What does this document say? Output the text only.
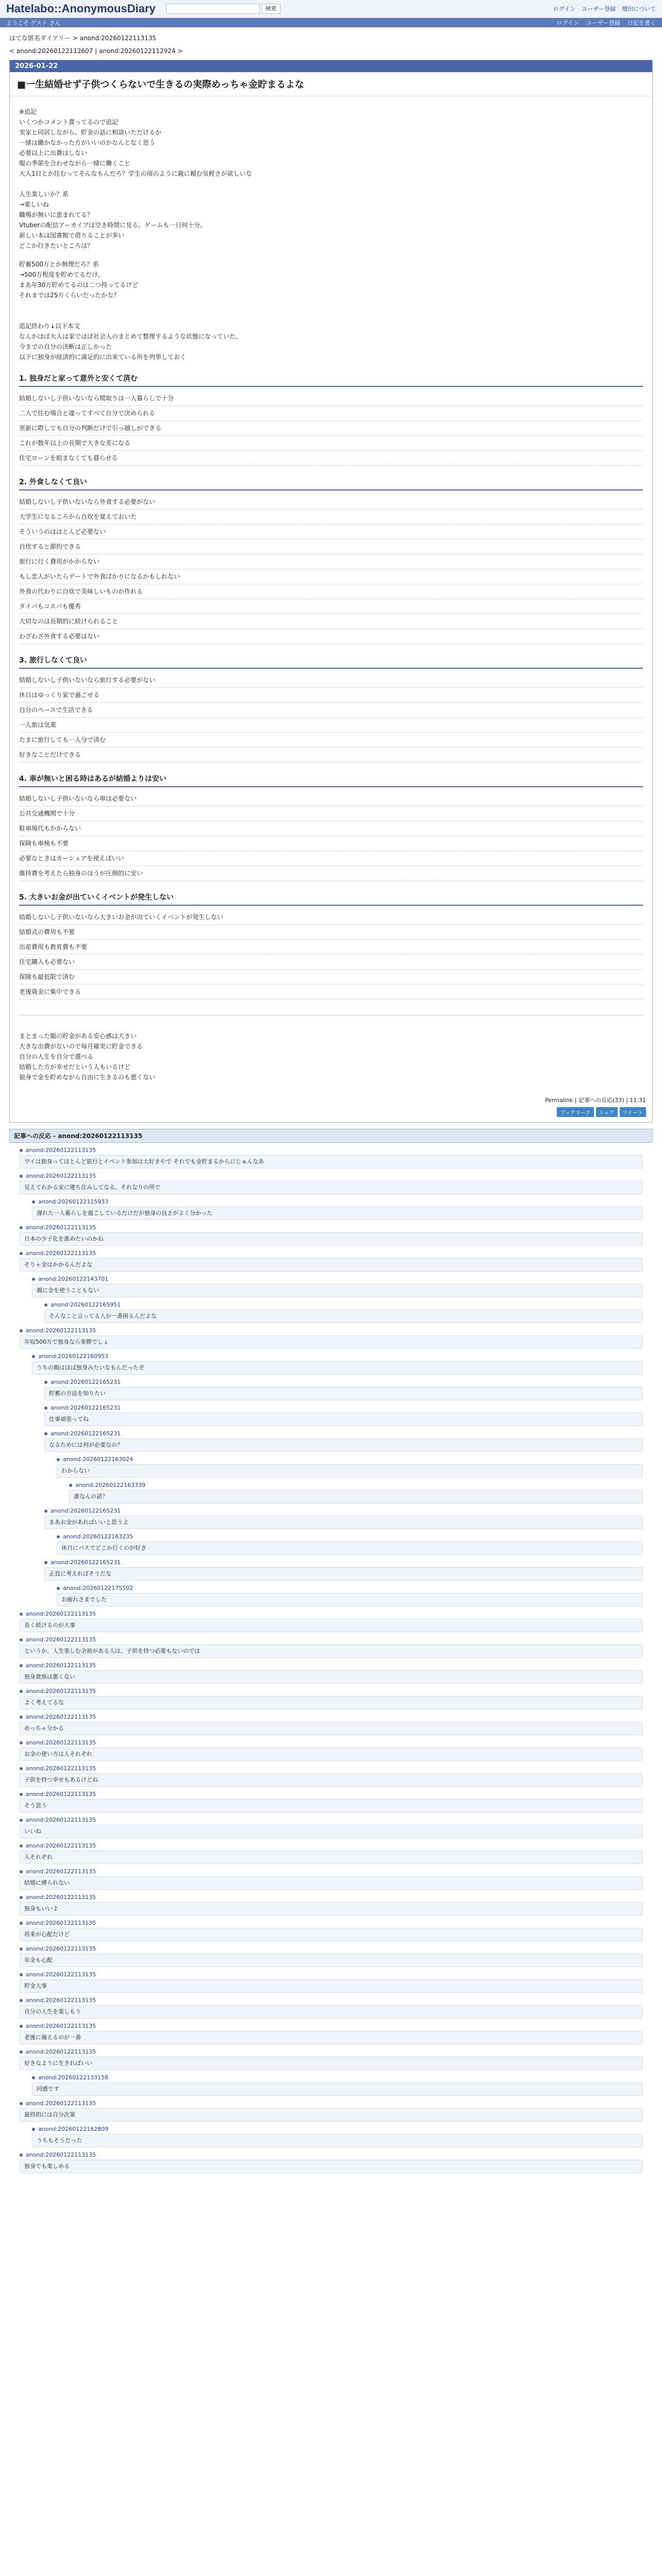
Hatelabo::AnonymousDiary	検索	ログイン ユーザー登録 増田について
ようこそ ゲスト さん	ログイン ユーザー登録 日記を書く
はてな匿名ダイアリー > anond:20260122113135
< anond:20260122112607 | anond:20260122112924 >
2026-01-22
■一生結婚せず子供つくらないで生きるの実際めっちゃ金貯まるよな
※追記
いくつかコメント貰ってるので追記
実家と同居しながら、貯金の話に相談いただけるか
一緒は働かなかった方がいいのかなんとなく思う
必要以上に出費はしない
服の季節を合わせながら一緒に働くこと
大人1日とか住むってそんなもんだろ？学生の頃のように親に頼む気軽さが欲しいな

人生楽しいか？系
→楽しいね
職場が無いに恵まれてる？
Vtuberの配信アーカイブは空き時間に見る。ゲームも一日何十分。
新しい本は図書館で借りることが多い
どこか行きたいところは？
貯蓄500万とか無理だろ？系
→500万程度を貯めてるだけ。
まあ年30万貯めてるのは二つ持ってるけど
それまでは25万くらいだったかな？

追記終わり↓以下本文
なんかほぼ大人は家でほぼ社会人のまとめて整理するような状態になっていた。
今までの自分の決断は正しかった
以下に独身が経済的に満足的に出来ている所を列挙しておく
1. 独身だと家って意外と安くて済む
結婚しないし子供いないなら間取りは一人暮らしで十分
二人で住む場合と違ってすべて自分で決められる
更新に際しても自分の判断だけで引っ越しができる
これが数年以上の長期で大きな差になる
住宅ローンを組まなくても暮らせる
2. 外食しなくて良い
結婚しないし子供いないなら外食する必要がない
大学生になるころから自炊を覚えておいた
そういうのはほとんど必要ない
自炊すると節約できる
旅行に行く費用がかからない
もし恋人がいたらデートで外食ばかりになるかもしれない
外食の代わりに自炊で美味しいものが作れる
タイパもコスパも優秀
大切なのは長期的に続けられること
わざわざ外食する必要はない
3. 旅行しなくて良い
結婚しないし子供いないなら旅行する必要がない
休日はゆっくり家で過ごせる
自分のペースで生活できる
一人旅は気楽
たまに旅行しても一人分で済む
好きなことだけできる
4. 車が無いと困る時はあるが結婚よりは安い
結婚しないし子供いないなら車は必要ない
公共交通機関で十分
駐車場代もかからない
保険も車検も不要
必要なときはカーシェアを使えばいい
維持費を考えたら独身のほうが圧倒的に安い
5. 大きいお金が出ていくイベントが発生しない
結婚しないし子供いないなら大きいお金が出ていくイベントが発生しない
結婚式の費用も不要
出産費用も教育費も不要
住宅購入も必要ない
保険も最低限で済む
老後資金に集中できる
まとまった額の貯金がある安心感は大きい
大きな出費がないので毎月確実に貯金できる
自分の人生を自分で選べる
結婚した方が幸せだという人もいるけど
独身で金を貯めながら自由に生きるのも悪くない
Permalink | 記事への反応(33) | 11:31
ブックマーク	シェア	ツイート
記事への反応 - anond:20260122113135
anond:20260122113135
ワイは独身ってほとんど旅行とイベント参加は大好きやで それでも金貯まるからにじゅんなあ
anond:20260122113135
見えてわかる家に建ち住みしてなる、それなりの所で
anond:20260122115933
遅れた一人暮らしを過ごしているだけだが独身の良さがよく分かった
anond:20260122113135
日本の少子化を進めたいのかね
anond:20260122113135
そりゃ金はかかるんだよな
anond:20260122143701
親に金を使うこともない
anond:20260122165951
そんなこと言ってる人が一番困るんだよな
anond:20260122113135
年収500万で独身なら楽勝でしょ
anond:20260122160953
うちの親はほぼ独身みたいなもんだったぞ
anond:20260122165231
貯蓄の方法を知りたい
anond:20260122165231
仕事頑張ってね
anond:20260122165231
なるためには何が必要なの？
anond:20260122163024
わからない
anond:20260122163339
誰なんの話？
anond:20260122165231
まあお金があればいいと思うよ
anond:20260122163235
休日にバスでどこか行くのが好き
anond:20260122165231
正直に考えればそうだな
anond:20260122175502
お疲れさまでした
anond:20260122113135
長く続けるのが大事
anond:20260122113135
というか、人生楽しむ余裕がある人は、子供を持つ必要もないのでは
anond:20260122113135
独身貴族は悪くない
anond:20260122113135
よく考えてるな
anond:20260122113135
めっちゃ分かる
anond:20260122113135
お金の使い方は人それぞれ
anond:20260122113135
子供を持つ幸せもあるけどね
anond:20260122113135
そう思う
anond:20260122113135
いいね
anond:20260122113135
人それぞれ
anond:20260122113135
結婚に縛られない
anond:20260122113135
独身もいいよ
anond:20260122113135
将来が心配だけど
anond:20260122113135
年金も心配
anond:20260122113135
貯金大事
anond:20260122113135
自分の人生を楽しもう
anond:20260122113135
老後に備えるのが一番
anond:20260122113135
好きなように生きればいい
anond:20260122133158
同感です
anond:20260122113135
最終的には自分次第
anond:20260122162809
うちもそうだった
anond:20260122113135
独身でも楽しめる
